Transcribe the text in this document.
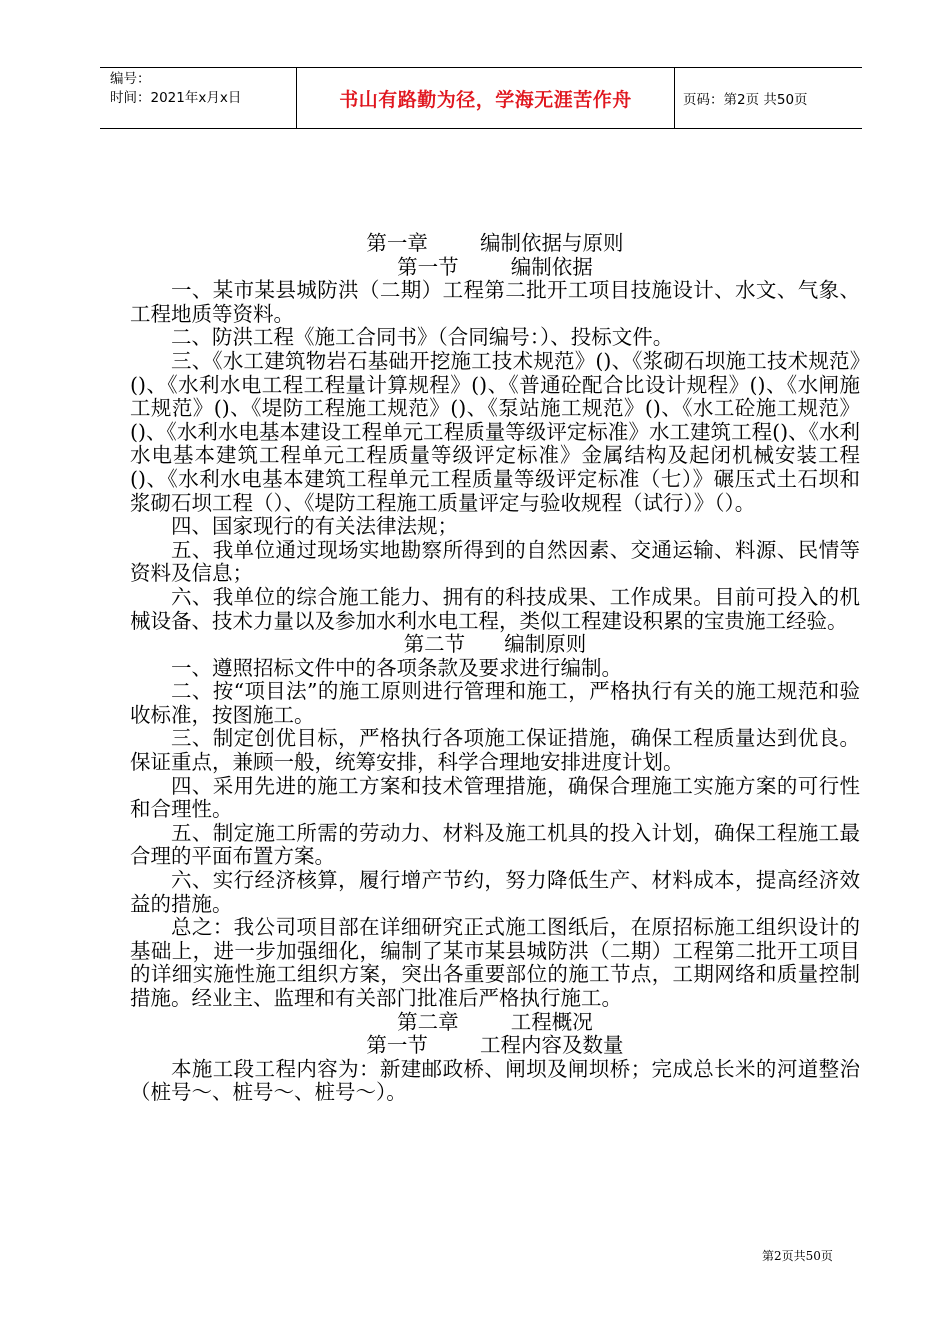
编号：
时间：2021年x月x日	书山有路勤为径，学海无涯苦作舟	页码：第2页 共50页

第一章        编制依据与原则

第一节        编制依据

一、某市某县城防洪（二期）工程第二批开工项目技施设计、水文、气象、工程地质等资料。

二、防洪工程《施工合同书》（合同编号：）、投标文件。

三、《水工建筑物岩石基础开挖施工技术规范》()、《浆砌石坝施工技术规范》()、《水利水电工程工程量计算规程》()、《普通砼配合比设计规程》()、《水闸施工规范》()、《堤防工程施工规范》()、《泵站施工规范》()、《水工砼施工规范》()、《水利水电基本建设工程单元工程质量等级评定标准》水工建筑工程()、《水利水电基本建筑工程单元工程质量等级评定标准》金属结构及起闭机械安装工程()、《水利水电基本建筑工程单元工程质量等级评定标准（七）》碾压式土石坝和浆砌石坝工程（）、《堤防工程施工质量评定与验收规程（试行）》（）。

四、国家现行的有关法律法规；

五、我单位通过现场实地勘察所得到的自然因素、交通运输、料源、民情等资料及信息；

六、我单位的综合施工能力、拥有的科技成果、工作成果。目前可投入的机械设备、技术力量以及参加水利水电工程，类似工程建设积累的宝贵施工经验。

第二节      编制原则

一、遵照招标文件中的各项条款及要求进行编制。

二、按“项目法”的施工原则进行管理和施工，严格执行有关的施工规范和验收标准，按图施工。

三、制定创优目标，严格执行各项施工保证措施，确保工程质量达到优良。保证重点，兼顾一般，统筹安排，科学合理地安排进度计划。

四、采用先进的施工方案和技术管理措施，确保合理施工实施方案的可行性和合理性。

五、制定施工所需的劳动力、材料及施工机具的投入计划，确保工程施工最合理的平面布置方案。

六、实行经济核算，履行增产节约，努力降低生产、材料成本，提高经济效益的措施。

总之：我公司项目部在详细研究正式施工图纸后，在原招标施工组织设计的基础上，进一步加强细化，编制了某市某县城防洪（二期）工程第二批开工项目的详细实施性施工组织方案，突出各重要部位的施工节点，工期网络和质量控制措施。经业主、监理和有关部门批准后严格执行施工。

第二章        工程概况

第一节        工程内容及数量

本施工段工程内容为：新建邮政桥、闸坝及闸坝桥；完成总长米的河道整治（桩号～、桩号～、桩号～）。

第2页共50页
